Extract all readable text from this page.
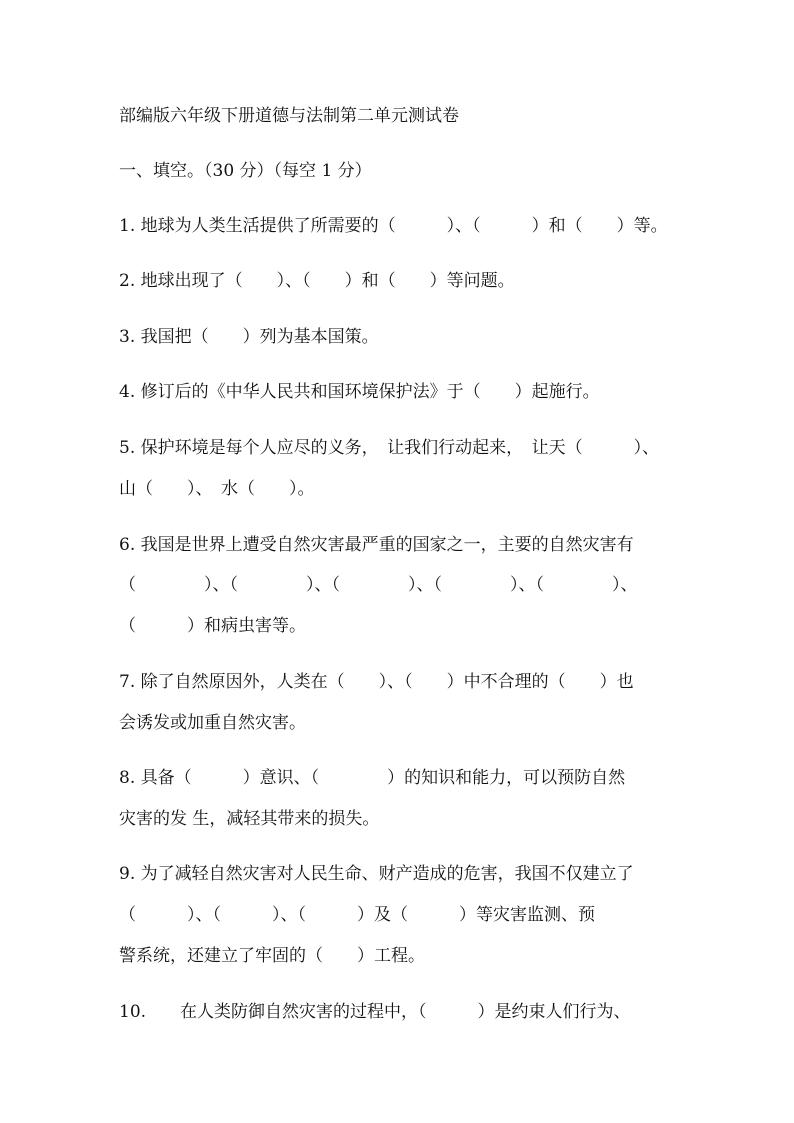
部编版六年级下册道德与法制第二单元测试卷
一、填空。（30 分）（每空 1 分）
1. 地球为人类生活提供了所需要的（　　　）、（　　　）和（　　）等。
2. 地球出现了（　　）、（　　）和（　　）等问题。
3. 我国把（　　）列为基本国策。
4. 修订后的《中华人民共和国环境保护法》于（　　）起施行。
5. 保护环境是每个人应尽的义务，　让我们行动起来，　让天（　　　）、
山（　　）、　水（　　）。
6. 我国是世界上遭受自然灾害最严重的国家之一，主要的自然灾害有
（　　　　）、（　　　　）、（　　　　）、（　　　　）、（　　　　）、
（　　　）和病虫害等。
7. 除了自然原因外，人类在（　　）、（　　）中不合理的（　　）也
会诱发或加重自然灾害。
8. 具备（　　　）意识、（　　　　）的知识和能力，可以预防自然
灾害的发 生，减轻其带来的损失。
9. 为了减轻自然灾害对人民生命、财产造成的危害，我国不仅建立了
（　　　）、（　　　）、（　　　）及（　　　）等灾害监测、预
警系统，还建立了牢固的（　　）工程。
10.　　在人类防御自然灾害的过程中，（　　　）是约束人们行为、
